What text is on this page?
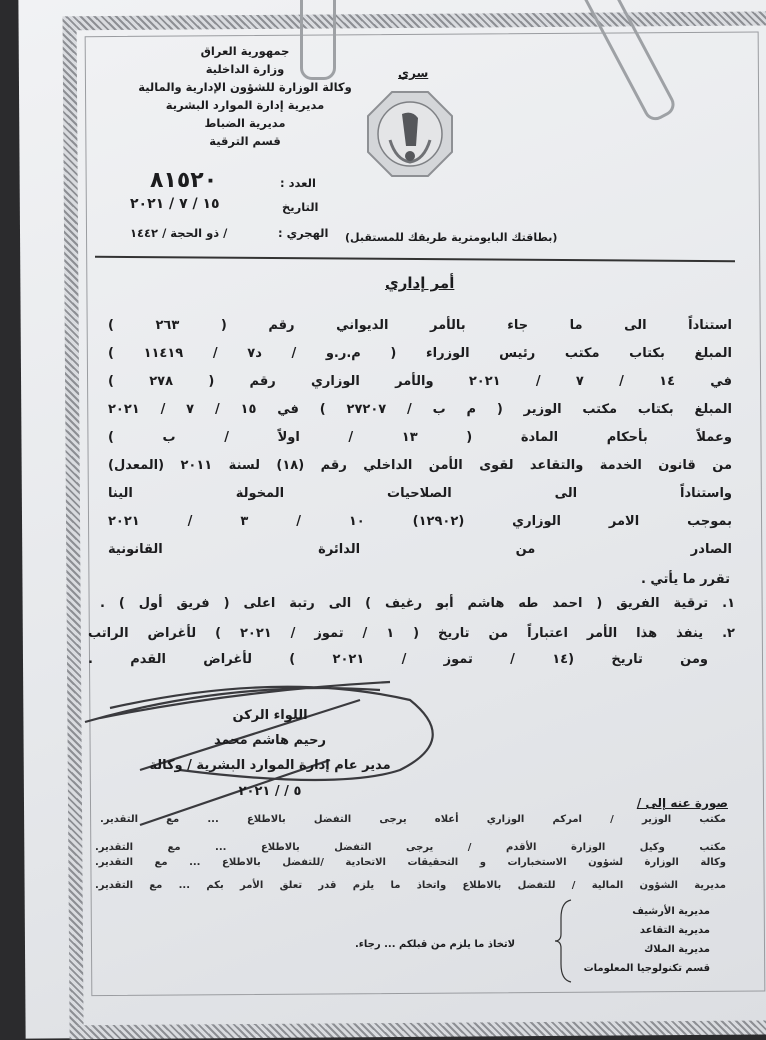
جمهورية العراق
وزارة الداخلية
وكالة الوزارة للشؤون الإدارية والمالية
مديرية إدارة الموارد البشرية
مديرية الضباط
قسم الترقية
العدد :
٨١٥٢٠
التاريخ
١٥ / ٧ / ٢٠٢١
الهجري :
/ ذو الحجة / ١٤٤٢
سري
(بطاقتك البايومترية طريقك للمستقبل)
أمر إداري
استناداً الى ما جاء بالأمر الديواني رقم ( ٢٦٣ )
المبلغ بكتاب مكتب رئيس الوزراء ( م.ر.و / د٧ / ١١٤١٩ )
في ١٤ / ٧ / ٢٠٢١ والأمر الوزاري رقم ( ٢٧٨ )
المبلغ بكتاب مكتب الوزير ( م ب / ٢٧٢٠٧ ) في ١٥ / ٧ / ٢٠٢١
وعملاً بأحكام المادة ( ١٣ / اولاً / ب )
من قانون الخدمة والتقاعد لقوى الأمن الداخلي رقم (١٨) لسنة ٢٠١١ (المعدل)
واستناداً الى الصلاحيات المخولة الينا
بموجب الامر الوزاري (١٢٩٠٢) ١٠ / ٣ / ٢٠٢١
الصادر من الدائرة القانونية
تقرر ما يأتي .
١. ترقية الفريق ( احمد طه هاشم أبو رغيف ) الى رتبة اعلى ( فريق أول ) .
٢. ينفذ هذا الأمر اعتباراً من تاريخ ( ١ / تموز / ٢٠٢١ ) لأغراض الراتب
ومن تاريخ (١٤ / تموز / ٢٠٢١ ) لأغراض القدم .
اللواء الركن
رحيم هاشم محمد
مدير عام إدارة الموارد البشرية / وكالة
٥ / / ٢٠٢١
صورة عنه إلى /
مكتب الوزير / امركم الوزاري أعلاه يرجى التفضل بالاطلاع ... مع التقدير.
مكتب وكيل الوزارة الأقدم / يرجى التفضل بالاطلاع ... مع التقدير.
وكالة الوزارة لشؤون الاستخبارات و التحقيقات الاتحادية /للتفضل بالاطلاع ... مع التقدير.
مديرية الشؤون المالية / للتفضل بالاطلاع واتخاذ ما يلزم قدر تعلق الأمر بكم ... مع التقدير.
مديرية الأرشيف
مديرية التقاعد
مديرية الملاك
قسم تكنولوجيا المعلومات
لاتخاذ ما يلزم من قبلكم ... رجاء.
